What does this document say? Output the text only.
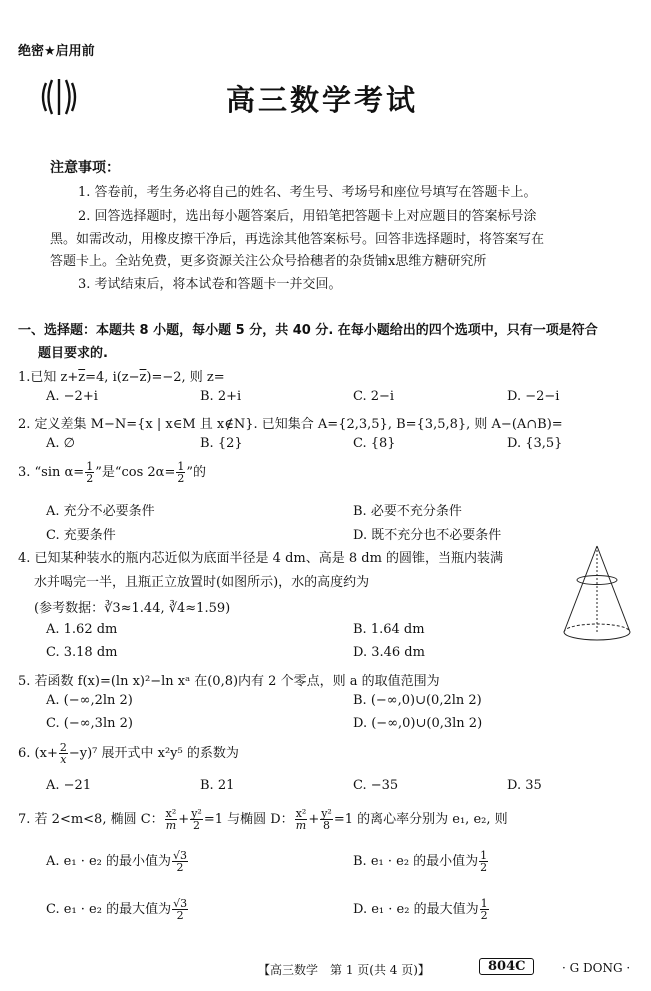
绝密★启用前
高三数学考试
注意事项：
1. 答卷前，考生务必将自己的姓名、考生号、考场号和座位号填写在答题卡上。
2. 回答选择题时，选出每小题答案后，用铅笔把答题卡上对应题目的答案标号涂
黑。如需改动，用橡皮擦干净后，再选涂其他答案标号。回答非选择题时，将答案写在
答题卡上。全站免费，更多资源关注公众号拾穗者的杂货铺x思维方糖研究所
3. 考试结束后，将本试卷和答题卡一并交回。
一、选择题：本题共 8 小题，每小题 5 分，共 40 分. 在每小题给出的四个选项中，只有一项是符合
题目要求的.
1.已知 $z+\overline{z}=4$, $i(z-\overline{z})=-2$, 则 z=
A. −2+i	B. 2+i	C. 2−i	D. −2−i
2. 定义差集 M−N={x | x∈M 且 x∉N}. 已知集合 A={2,3,5}, B={3,5,8}, 则 A−(A∩B)=
A. ∅	B. {2}	C. {8}	D. {3,5}
3. “sin $\alpha= \frac{1}{2}$ ”是“cos $2\alpha= \frac{1}{2}$ ”的
A. 充分不必要条件	B. 必要不充分条件
C. 充要条件	D. 既不充分也不必要条件
4. 已知某种装水的瓶内芯近似为底面半径是 4 dm、高是 8 dm 的圆锥，当瓶内装满
水并喝完一半，且瓶正立放置时(如图所示)，水的高度约为
(参考数据：∛3≈1.44, ∛4≈1.59)
A. 1.62 dm	B. 1.64 dm
C. 3.18 dm	D. 3.46 dm
5. 若函数 f(x)=(ln x)²−ln xᵃ 在(0,8)内有 2 个零点，则 a 的取值范围为
A. (−∞,2ln 2)	B. (−∞,0)∪(0,2ln 2)
C. (−∞,3ln 2)	D. (−∞,0)∪(0,3ln 2)
6. $(x+ \frac{2}{x} -y)^7$ 展开式中 x²y⁵ 的系数为
A. −21	B. 21	C. −35	D. 35
7. 若 2<m<8, 椭圆 C： $\frac{\text{x²}}{m} + \frac{\text{y²}}{2} =1$ 与椭圆 D： $\frac{\text{x²}}{m} + \frac{\text{y²}}{8} =1$ 的离心率分别为 e₁, e₂, 则
A. e₁ · e₂ 的最小值为 $\frac{√3}{2}$	B. e₁ · e₂ 的最小值为 $\frac{1}{2}$
C. e₁ · e₂ 的最大值为 $\frac{√3}{2}$	D. e₁ · e₂ 的最大值为 $\frac{1}{2}$
【高三数学　第 1 页(共 4 页)】	804C	· G DONG ·
